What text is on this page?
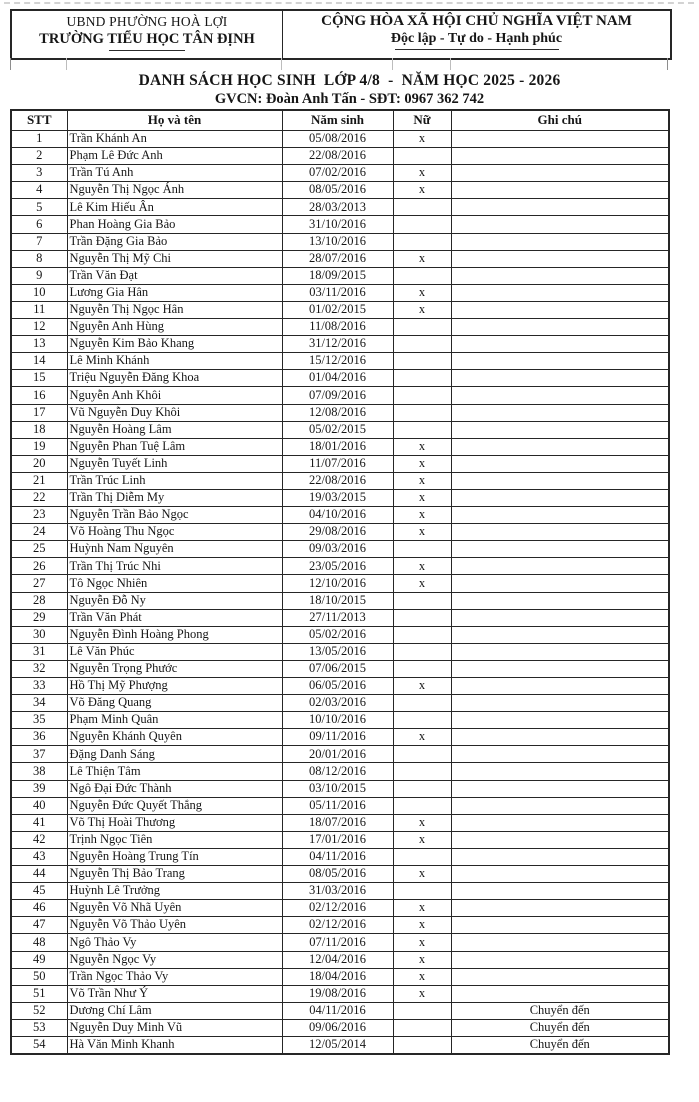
UBND PHƯỜNG HOÀ LỢI
TRƯỜNG TIỂU HỌC TÂN ĐỊNH
CỘNG HÒA XÃ HỘI CHỦ NGHĨA VIỆT NAM
Độc lập - Tự do - Hạnh phúc
DANH SÁCH HỌC SINH  LỚP 4/8  -  NĂM HỌC 2025 - 2026
GVCN: Đoàn Anh Tấn - SĐT: 0967 362 742
STT	Họ và tên	Năm sinh	Nữ	Ghi chú
1	Trần Khánh An	05/08/2016	x	
2	Phạm Lê Đức Anh	22/08/2016		
3	Trần Tú Anh	07/02/2016	x	
4	Nguyễn Thị Ngọc Ánh	08/05/2016	x	
5	Lê Kim Hiếu Ân	28/03/2013		
6	Phan Hoàng Gia Bảo	31/10/2016		
7	Trần Đặng Gia Bảo	13/10/2016		
8	Nguyễn Thị Mỹ Chi	28/07/2016	x	
9	Trần Văn Đạt	18/09/2015		
10	Lương Gia Hân	03/11/2016	x	
11	Nguyễn Thị Ngọc Hân	01/02/2015	x	
12	Nguyễn Anh Hùng	11/08/2016		
13	Nguyễn Kim Bảo Khang	31/12/2016		
14	Lê Minh Khánh	15/12/2016		
15	Triệu Nguyễn Đăng Khoa	01/04/2016		
16	Nguyễn Anh Khôi	07/09/2016		
17	Vũ Nguyễn Duy Khôi	12/08/2016		
18	Nguyễn Hoàng Lâm	05/02/2015		
19	Nguyễn Phan Tuệ Lâm	18/01/2016	x	
20	Nguyễn Tuyết Linh	11/07/2016	x	
21	Trần Trúc Linh	22/08/2016	x	
22	Trần Thị Diễm My	19/03/2015	x	
23	Nguyễn Trần Bảo Ngọc	04/10/2016	x	
24	Võ Hoàng Thu Ngọc	29/08/2016	x	
25	Huỳnh Nam Nguyên	09/03/2016		
26	Trần Thị Trúc Nhi	23/05/2016	x	
27	Tô Ngọc Nhiên	12/10/2016	x	
28	Nguyễn Đỗ Ny	18/10/2015		
29	Trần Văn Phát	27/11/2013		
30	Nguyễn Đình Hoàng Phong	05/02/2016		
31	Lê Văn Phúc	13/05/2016		
32	Nguyễn Trọng Phước	07/06/2015		
33	Hồ Thị Mỹ Phượng	06/05/2016	x	
34	Võ Đăng Quang	02/03/2016		
35	Phạm Minh Quân	10/10/2016		
36	Nguyễn Khánh Quyên	09/11/2016	x	
37	Đặng Danh Sáng	20/01/2016		
38	Lê Thiện Tâm	08/12/2016		
39	Ngô Đại Đức Thành	03/10/2015		
40	Nguyễn Đức Quyết Thắng	05/11/2016		
41	Võ Thị Hoài Thương	18/07/2016	x	
42	Trịnh Ngọc Tiên	17/01/2016	x	
43	Nguyễn Hoàng Trung Tín	04/11/2016		
44	Nguyễn Thị Bảo Trang	08/05/2016	x	
45	Huỳnh Lê Trưởng	31/03/2016		
46	Nguyễn Võ Nhã Uyên	02/12/2016	x	
47	Nguyễn Võ Thảo Uyên	02/12/2016	x	
48	Ngô Thảo Vy	07/11/2016	x	
49	Nguyễn Ngọc Vy	12/04/2016	x	
50	Trần Ngọc Thảo Vy	18/04/2016	x	
51	Võ Trần Như Ý	19/08/2016	x	
52	Dương Chí Lâm	04/11/2016		Chuyển đến
53	Nguyễn Duy Minh Vũ	09/06/2016		Chuyển đến
54	Hà Văn Minh Khanh	12/05/2014		Chuyển đến
